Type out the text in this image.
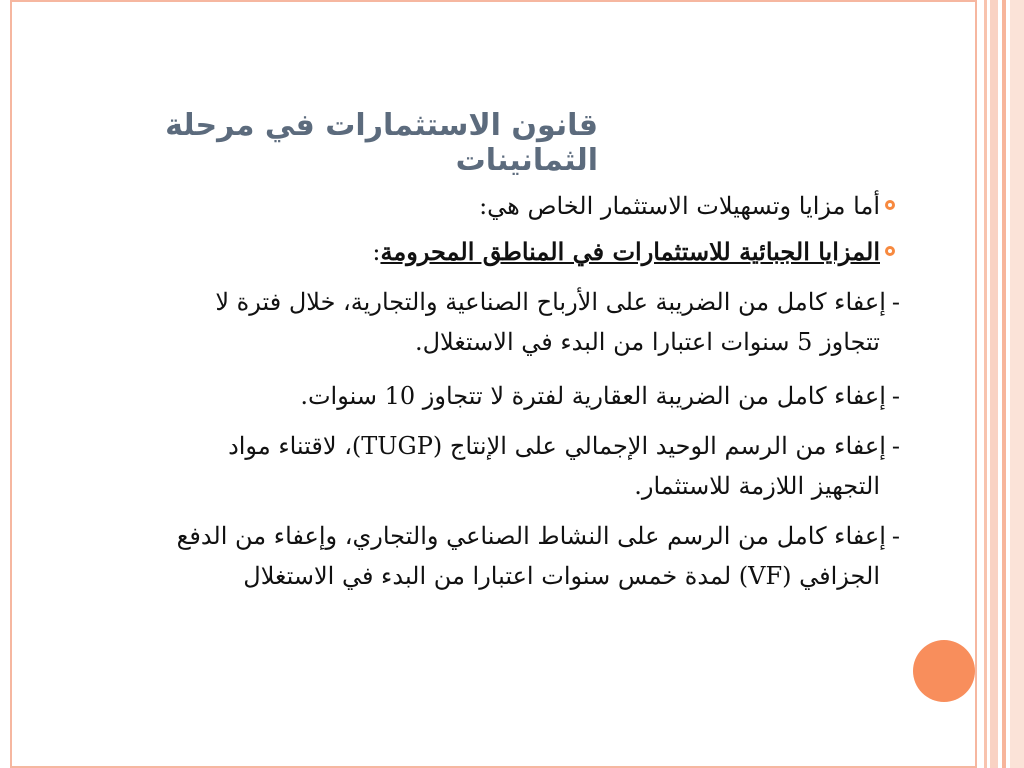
قانون الاستثمارات في مرحلة الثمانينات
أما مزايا وتسهيلات الاستثمار الخاص هي:
المزايا الجبائية للاستثمارات في المناطق المحرومة:
-إعفاء كامل من الضريبة على الأرباح الصناعية والتجارية، خلال فترة لا
تتجاوز 5 سنوات اعتبارا من البدء في الاستغلال.
-إعفاء كامل من الضريبة العقارية لفترة لا تتجاوز 10 سنوات.
-إعفاء من الرسم الوحيد الإجمالي على الإنتاج (TUGP)، لاقتناء مواد
التجهيز اللازمة للاستثمار.
-إعفاء كامل من الرسم على النشاط الصناعي والتجاري، وإعفاء من الدفع
الجزافي (VF) لمدة خمس سنوات اعتبارا من البدء في الاستغلال
